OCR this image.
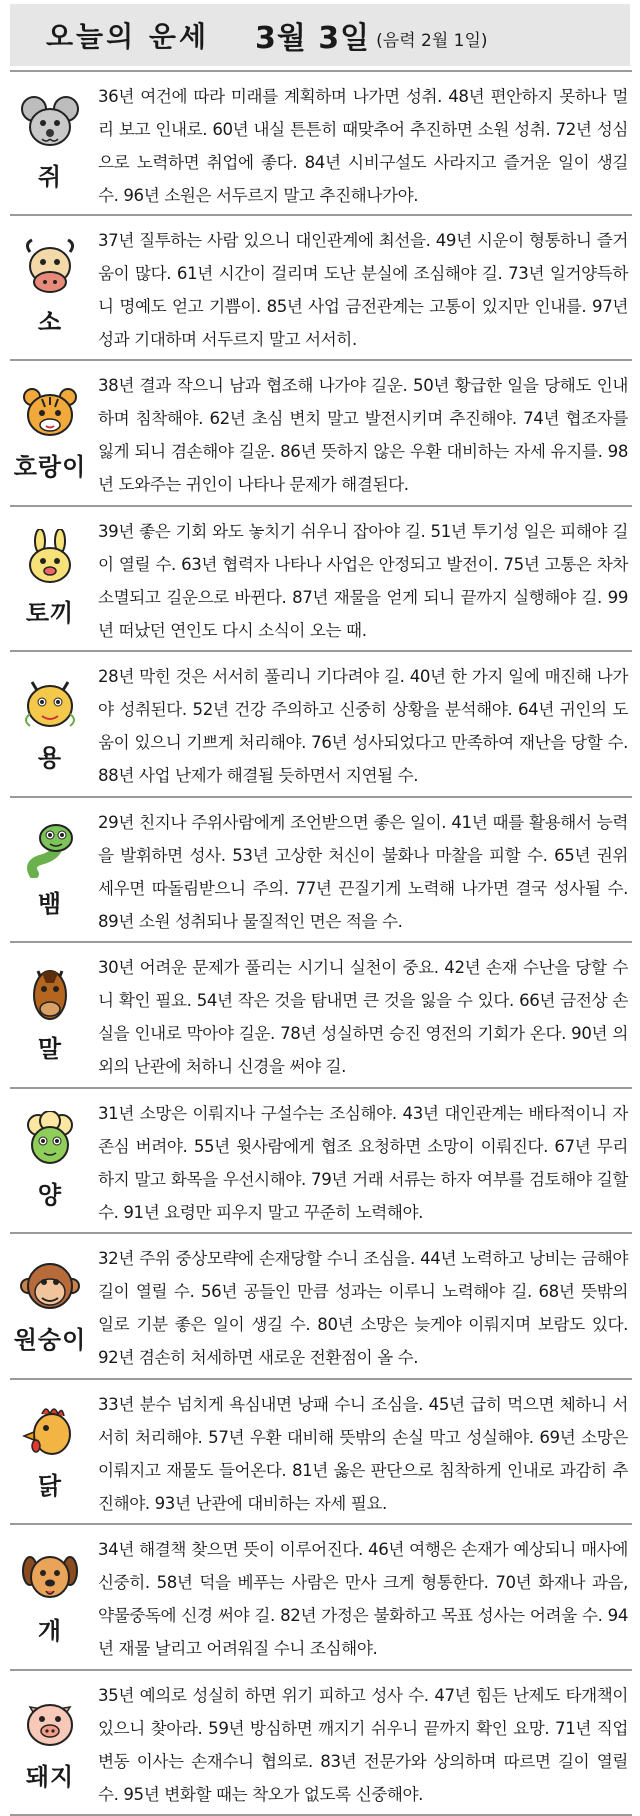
오늘의 운세 3월 3일 (음력 2월 1일)
쥐
36년 여건에 따라 미래를 계획하며 나가면 성취. 48년 편안하지 못하나 멀리 보고 인내로. 60년 내실 튼튼히 때맞추어 추진하면 소원 성취. 72년 성심으로 노력하면 취업에 좋다. 84년 시비구설도 사라지고 즐거운 일이 생길 수. 96년 소원은 서두르지 말고 추진해나가야.
소
37년 질투하는 사람 있으니 대인관계에 최선을. 49년 시운이 형통하니 즐거움이 많다. 61년 시간이 걸리며 도난 분실에 조심해야 길. 73년 일거양득하니 명예도 얻고 기쁨이. 85년 사업 금전관계는 고통이 있지만 인내를. 97년 성과 기대하며 서두르지 말고 서서히.
호랑이
38년 결과 작으니 남과 협조해 나가야 길운. 50년 황급한 일을 당해도 인내하며 침착해야. 62년 초심 변치 말고 발전시키며 추진해야. 74년 협조자를 잃게 되니 겸손해야 길운. 86년 뜻하지 않은 우환 대비하는 자세 유지를. 98년 도와주는 귀인이 나타나 문제가 해결된다.
토끼
39년 좋은 기회 와도 놓치기 쉬우니 잡아야 길. 51년 투기성 일은 피해야 길이 열릴 수. 63년 협력자 나타나 사업은 안정되고 발전이. 75년 고통은 차차 소멸되고 길운으로 바뀐다. 87년 재물을 얻게 되니 끝까지 실행해야 길. 99년 떠났던 연인도 다시 소식이 오는 때.
용
28년 막힌 것은 서서히 풀리니 기다려야 길. 40년 한 가지 일에 매진해 나가야 성취된다. 52년 건강 주의하고 신중히 상황을 분석해야. 64년 귀인의 도움이 있으니 기쁘게 처리해야. 76년 성사되었다고 만족하여 재난을 당할 수. 88년 사업 난제가 해결될 듯하면서 지연될 수.
뱀
29년 친지나 주위사람에게 조언받으면 좋은 일이. 41년 때를 활용해서 능력을 발휘하면 성사. 53년 고상한 처신이 불화나 마찰을 피할 수. 65년 권위 세우면 따돌림받으니 주의. 77년 끈질기게 노력해 나가면 결국 성사될 수. 89년 소원 성취되나 물질적인 면은 적을 수.
말
30년 어려운 문제가 풀리는 시기니 실천이 중요. 42년 손재 수난을 당할 수니 확인 필요. 54년 작은 것을 탐내면 큰 것을 잃을 수 있다. 66년 금전상 손실을 인내로 막아야 길운. 78년 성실하면 승진 영전의 기회가 온다. 90년 의외의 난관에 처하니 신경을 써야 길.
양
31년 소망은 이뤄지나 구설수는 조심해야. 43년 대인관계는 배타적이니 자존심 버려야. 55년 윗사람에게 협조 요청하면 소망이 이뤄진다. 67년 무리하지 말고 화목을 우선시해야. 79년 거래 서류는 하자 여부를 검토해야 길할 수. 91년 요령만 피우지 말고 꾸준히 노력해야.
원숭이
32년 주위 중상모략에 손재당할 수니 조심을. 44년 노력하고 낭비는 금해야 길이 열릴 수. 56년 공들인 만큼 성과는 이루니 노력해야 길. 68년 뜻밖의 일로 기분 좋은 일이 생길 수. 80년 소망은 늦게야 이뤄지며 보람도 있다. 92년 겸손히 처세하면 새로운 전환점이 올 수.
닭
33년 분수 넘치게 욕심내면 낭패 수니 조심을. 45년 급히 먹으면 체하니 서서히 처리해야. 57년 우환 대비해 뜻밖의 손실 막고 성실해야. 69년 소망은 이뤄지고 재물도 들어온다. 81년 옳은 판단으로 침착하게 인내로 과감히 추진해야. 93년 난관에 대비하는 자세 필요.
개
34년 해결책 찾으면 뜻이 이루어진다. 46년 여행은 손재가 예상되니 매사에 신중히. 58년 덕을 베푸는 사람은 만사 크게 형통한다. 70년 화재나 과음, 약물중독에 신경 써야 길. 82년 가정은 불화하고 목표 성사는 어려울 수. 94년 재물 날리고 어려워질 수니 조심해야.
돼지
35년 예의로 성실히 하면 위기 피하고 성사 수. 47년 힘든 난제도 타개책이 있으니 찾아라. 59년 방심하면 깨지기 쉬우니 끝까지 확인 요망. 71년 직업변동 이사는 손재수니 협의로. 83년 전문가와 상의하며 따르면 길이 열릴 수. 95년 변화할 때는 착오가 없도록 신중해야.
